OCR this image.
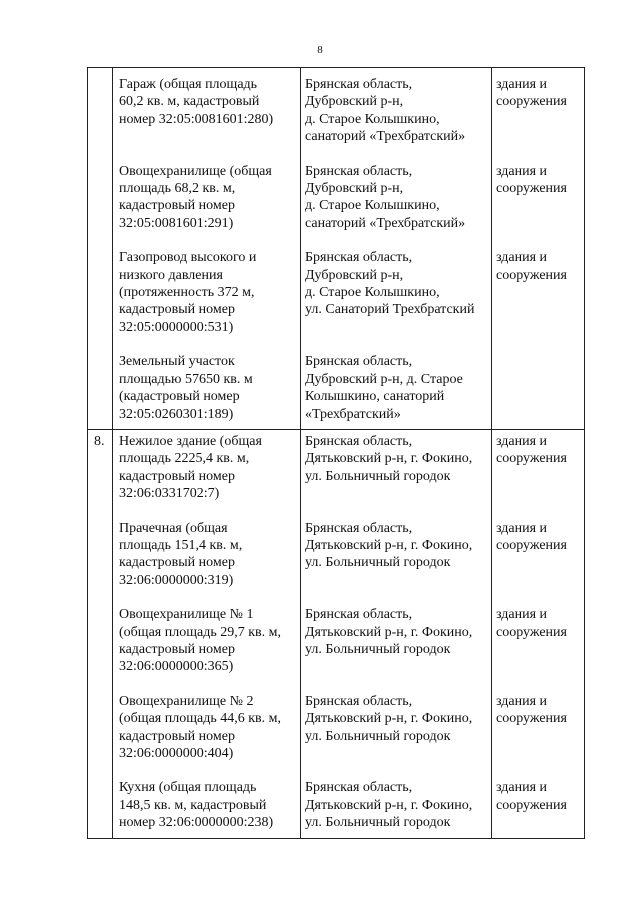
8

	Гараж (общая площадь
60,2 кв. м, кадастровый
номер 32:05:0081601:280)	Брянская область,
Дубровский р-н,
д. Старое Колышкино,
санаторий «Трехбратский»	здания и
сооружения

	Овощехранилище (общая
площадь 68,2 кв. м,
кадастровый номер
32:05:0081601:291)	Брянская область,
Дубровский р-н,
д. Старое Колышкино,
санаторий «Трехбратский»	здания и
сооружения

	Газопровод высокого и
низкого давления
(протяженность 372 м,
кадастровый номер
32:05:0000000:531)	Брянская область,
Дубровский р-н,
д. Старое Колышкино,
ул. Санаторий Трехбратский	здания и
сооружения

	Земельный участок
площадью 57650 кв. м
(кадастровый номер
32:05:0260301:189)	Брянская область,
Дубровский р-н, д. Старое
Колышкино, санаторий
«Трехбратский»	

8.	Нежилое здание (общая
площадь 2225,4 кв. м,
кадастровый номер
32:06:0331702:7)	Брянская область,
Дятьковский р-н, г. Фокино,
ул. Больничный городок	здания и
сооружения

	Прачечная (общая
площадь 151,4 кв. м,
кадастровый номер
32:06:0000000:319)	Брянская область,
Дятьковский р-н, г. Фокино,
ул. Больничный городок	здания и
сооружения

	Овощехранилище № 1
(общая площадь 29,7 кв. м,
кадастровый номер
32:06:0000000:365)	Брянская область,
Дятьковский р-н, г. Фокино,
ул. Больничный городок	здания и
сооружения

	Овощехранилище № 2
(общая площадь 44,6 кв. м,
кадастровый номер
32:06:0000000:404)	Брянская область,
Дятьковский р-н, г. Фокино,
ул. Больничный городок	здания и
сооружения

	Кухня (общая площадь
148,5 кв. м, кадастровый
номер 32:06:0000000:238)	Брянская область,
Дятьковский р-н, г. Фокино,
ул. Больничный городок	здания и
сооружения
